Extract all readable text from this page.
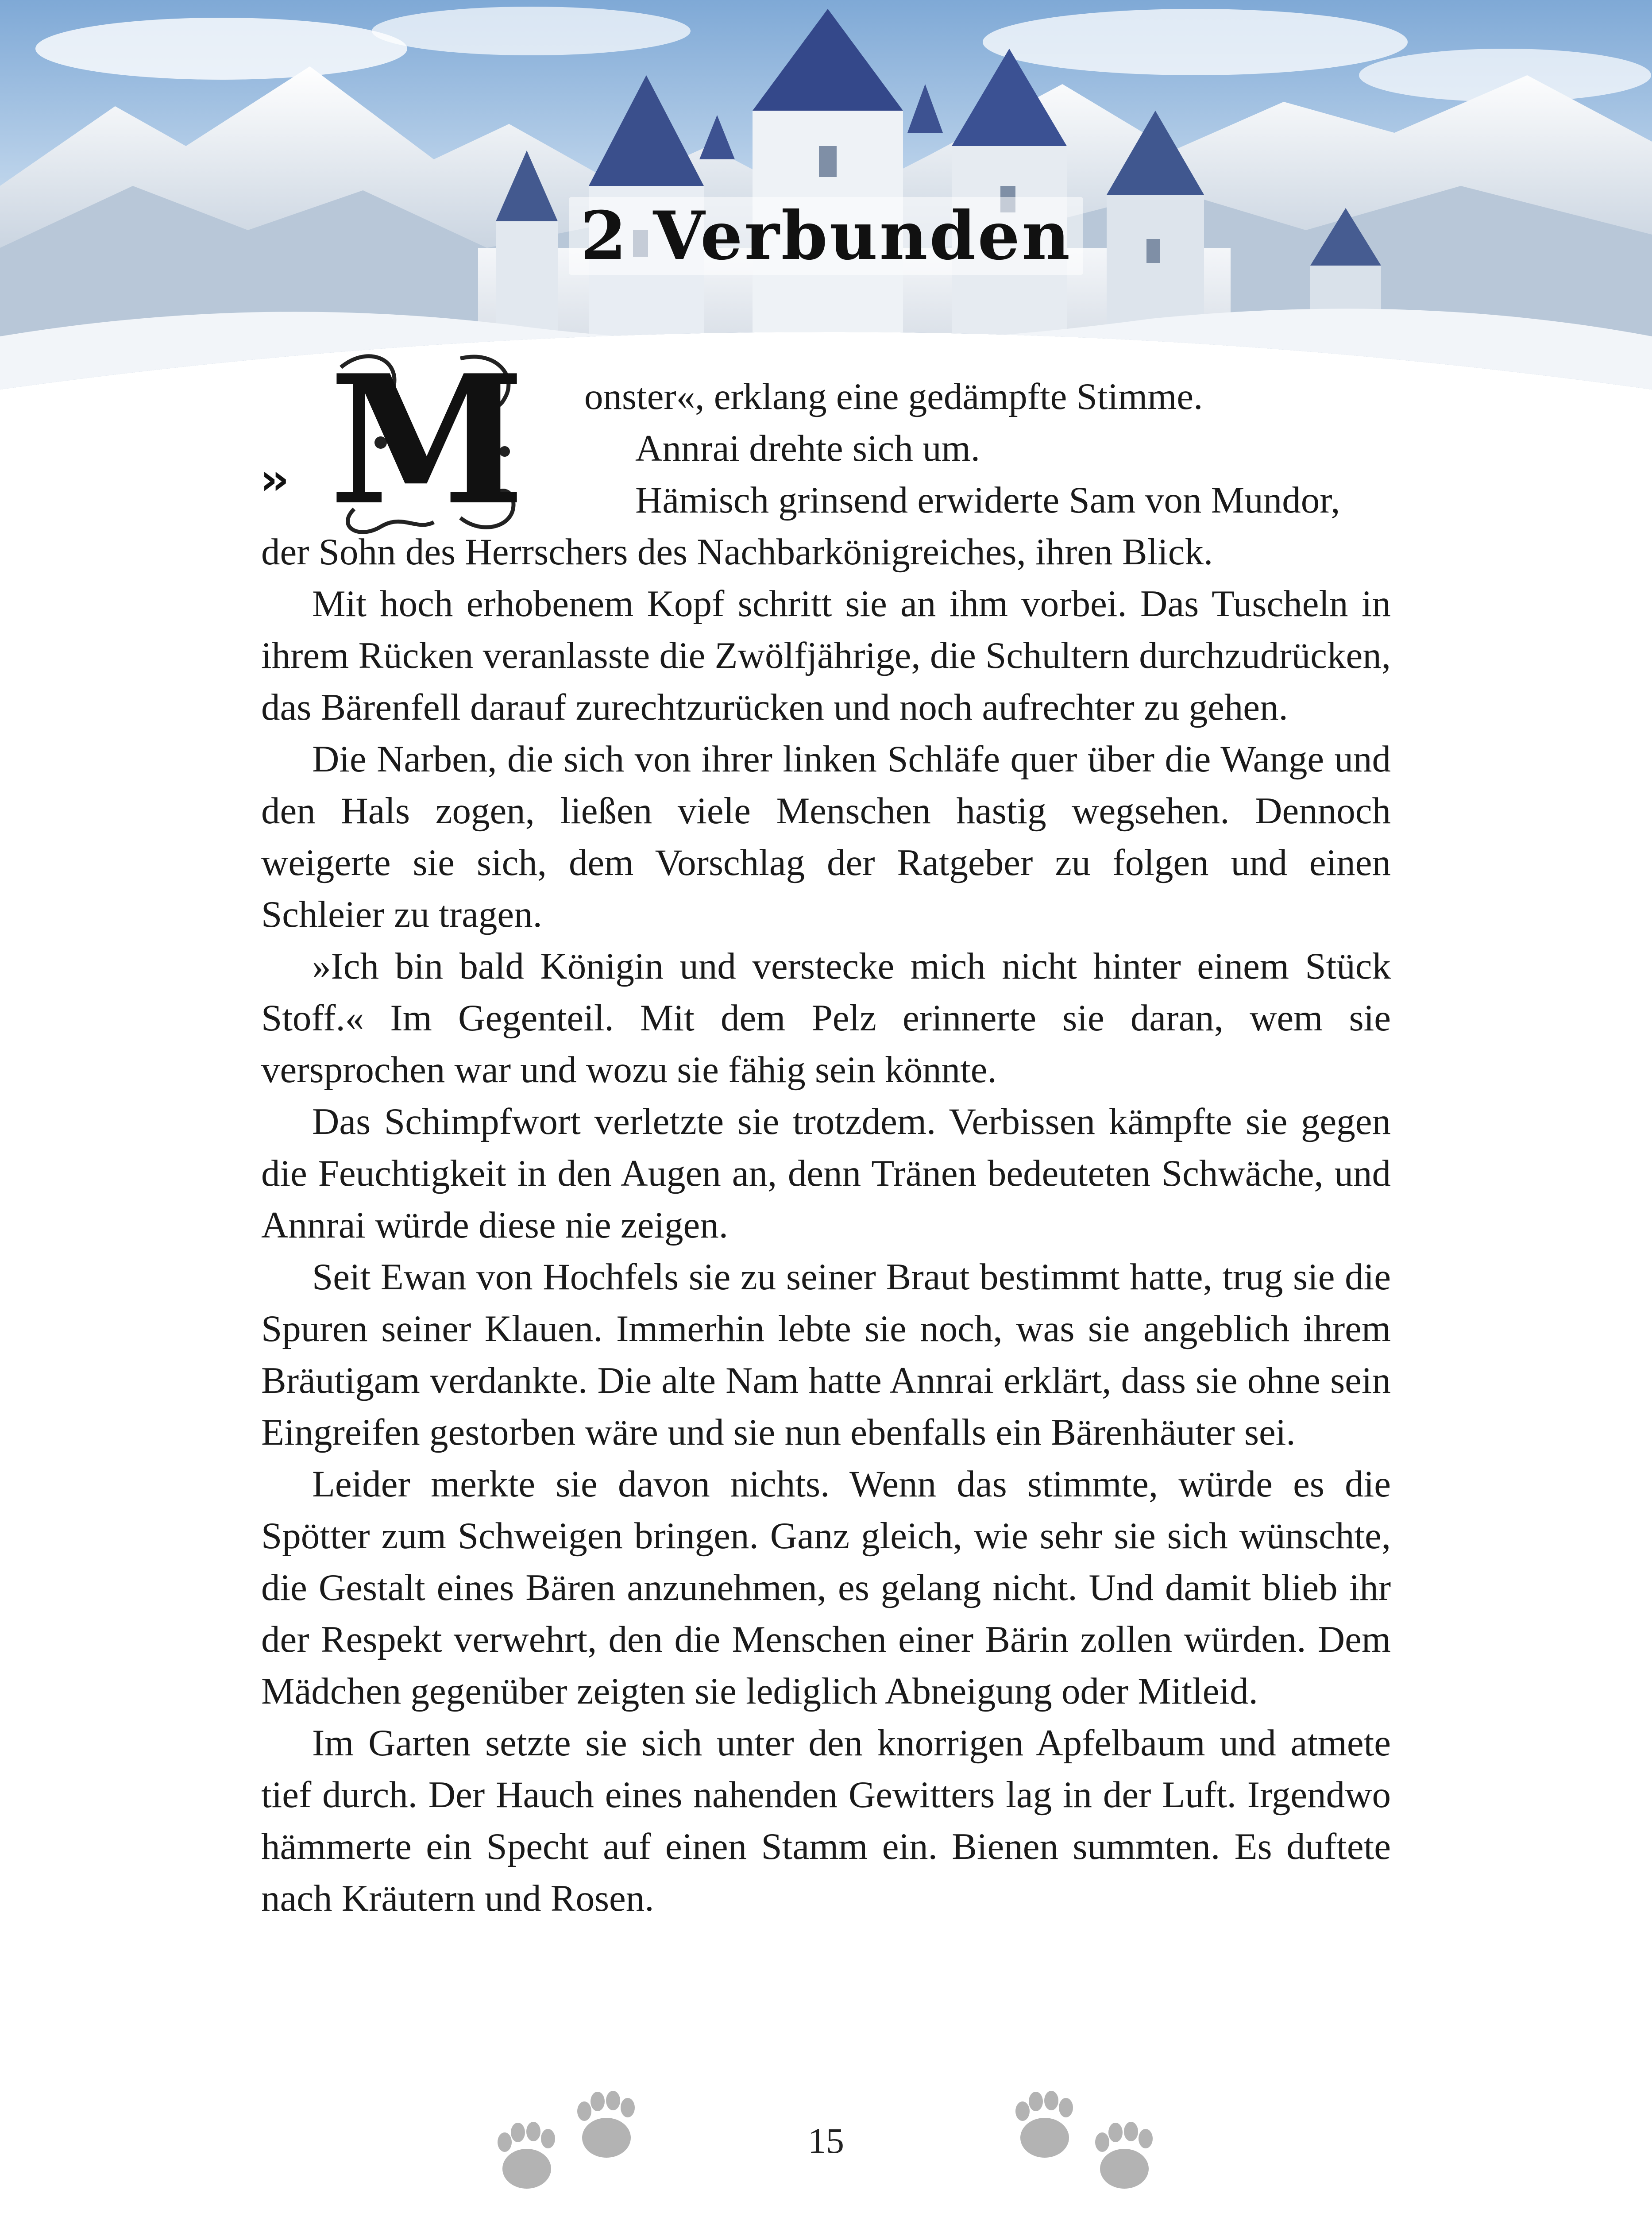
2 Verbunden
M
››
onster«, erklang eine gedämpfte Stimme.
Annrai drehte sich um.
Hämisch grinsend erwiderte Sam von Mundor,

der Sohn des Herrschers des Nachbarkönigreiches, ihren Blick.

Mit hoch erhobenem Kopf schritt sie an ihm vorbei. Das Tuscheln in ihrem Rücken veranlasste die Zwölfjährige, die Schultern durchzudrücken, das Bärenfell darauf zurechtzurücken und noch aufrechter zu gehen.

Die Narben, die sich von ihrer linken Schläfe quer über die Wange und den Hals zogen, ließen viele Menschen hastig wegsehen. Dennoch weigerte sie sich, dem Vorschlag der Ratgeber zu folgen und einen Schleier zu tragen.

»Ich bin bald Königin und verstecke mich nicht hinter einem Stück Stoff.« Im Gegenteil. Mit dem Pelz erinnerte sie daran, wem sie versprochen war und wozu sie fähig sein könnte.

Das Schimpfwort verletzte sie trotzdem. Verbissen kämpfte sie gegen die Feuchtigkeit in den Augen an, denn Tränen bedeuteten Schwäche, und Annrai würde diese nie zeigen.

Seit Ewan von Hochfels sie zu seiner Braut bestimmt hatte, trug sie die Spuren seiner Klauen. Immerhin lebte sie noch, was sie angeblich ihrem Bräutigam verdankte. Die alte Nam hatte Annrai erklärt, dass sie ohne sein Eingreifen gestorben wäre und sie nun ebenfalls ein Bärenhäuter sei.

Leider merkte sie davon nichts. Wenn das stimmte, würde es die Spötter zum Schweigen bringen. Ganz gleich, wie sehr sie sich wünschte, die Gestalt eines Bären anzunehmen, es gelang nicht. Und damit blieb ihr der Respekt verwehrt, den die Menschen einer Bärin zollen würden. Dem Mädchen gegenüber zeigten sie lediglich Abneigung oder Mitleid.

Im Garten setzte sie sich unter den knorrigen Apfelbaum und atmete tief durch. Der Hauch eines nahenden Gewitters lag in der Luft. Irgendwo hämmerte ein Specht auf einen Stamm ein. Bienen summten. Es duftete nach Kräutern und Rosen.

15
